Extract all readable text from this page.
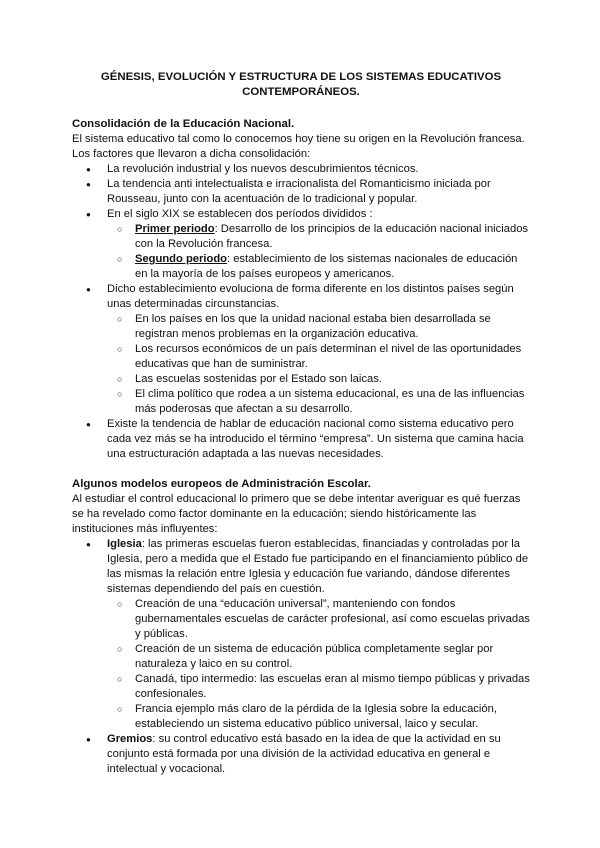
GÉNESIS, EVOLUCIÓN Y ESTRUCTURA DE LOS SISTEMAS EDUCATIVOS CONTEMPORÁNEOS.

Consolidación de la Educación Nacional.

El sistema educativo tal como lo conocemos hoy tiene su origen en la Revolución francesa. Los factores que llevaron a dicha consolidación:

● La revolución industrial y los nuevos descubrimientos técnicos.
● La tendencia anti intelectualista e irracionalista del Romanticismo iniciada por Rousseau, junto con la acentuación de lo tradicional y popular.
● En el siglo XIX se establecen dos períodos divididos :
○ Primer periodo: Desarrollo de los principios de la educación nacional iniciados con la Revolución francesa.
○ Segundo periodo: establecimiento de los sistemas nacionales de educación en la mayoría de los países europeos y americanos.
● Dicho establecimiento evoluciona de forma diferente en los distintos países según unas determinadas circunstancias.
○ En los países en los que la unidad nacional estaba bien desarrollada se registran menos problemas en la organización educativa.
○ Los recursos económicos de un país determinan el nivel de las oportunidades educativas que han de suministrar.
○ Las escuelas sostenidas por el Estado son laicas.
○ El clima político que rodea a un sistema educacional, es una de las influencias más poderosas que afectan a su desarrollo.
● Existe la tendencia de hablar de educación nacional como sistema educativo pero cada vez más se ha introducido el término “empresa”. Un sistema que camina hacia una estructuración adaptada a las nuevas necesidades.

Algunos modelos europeos de Administración Escolar.

Al estudiar el control educacional lo primero que se debe intentar averiguar es qué fuerzas se ha revelado como factor dominante en la educación; siendo históricamente las instituciones más influyentes:

● Iglesia: las primeras escuelas fueron establecidas, financiadas y controladas por la Iglesia, pero a medida que el Estado fue participando en el financiamiento público de las mismas la relación entre Iglesia y educación fue variando, dándose diferentes sistemas dependiendo del país en cuestión.
○ Creación de una “educación universal”, manteniendo con fondos gubernamentales escuelas de carácter profesional, así como escuelas privadas y públicas.
○ Creación de un sistema de educación pública completamente seglar por naturaleza y laico en su control.
○ Canadá, tipo intermedio: las escuelas eran al mismo tiempo públicas y privadas confesionales.
○ Francia ejemplo más claro de la pérdida de la Iglesia sobre la educación, estableciendo un sistema educativo público universal, laico y secular.
● Gremios: su control educativo está basado en la idea de que la actividad en su conjunto está formada por una división de la actividad educativa en general e intelectual y vocacional.
